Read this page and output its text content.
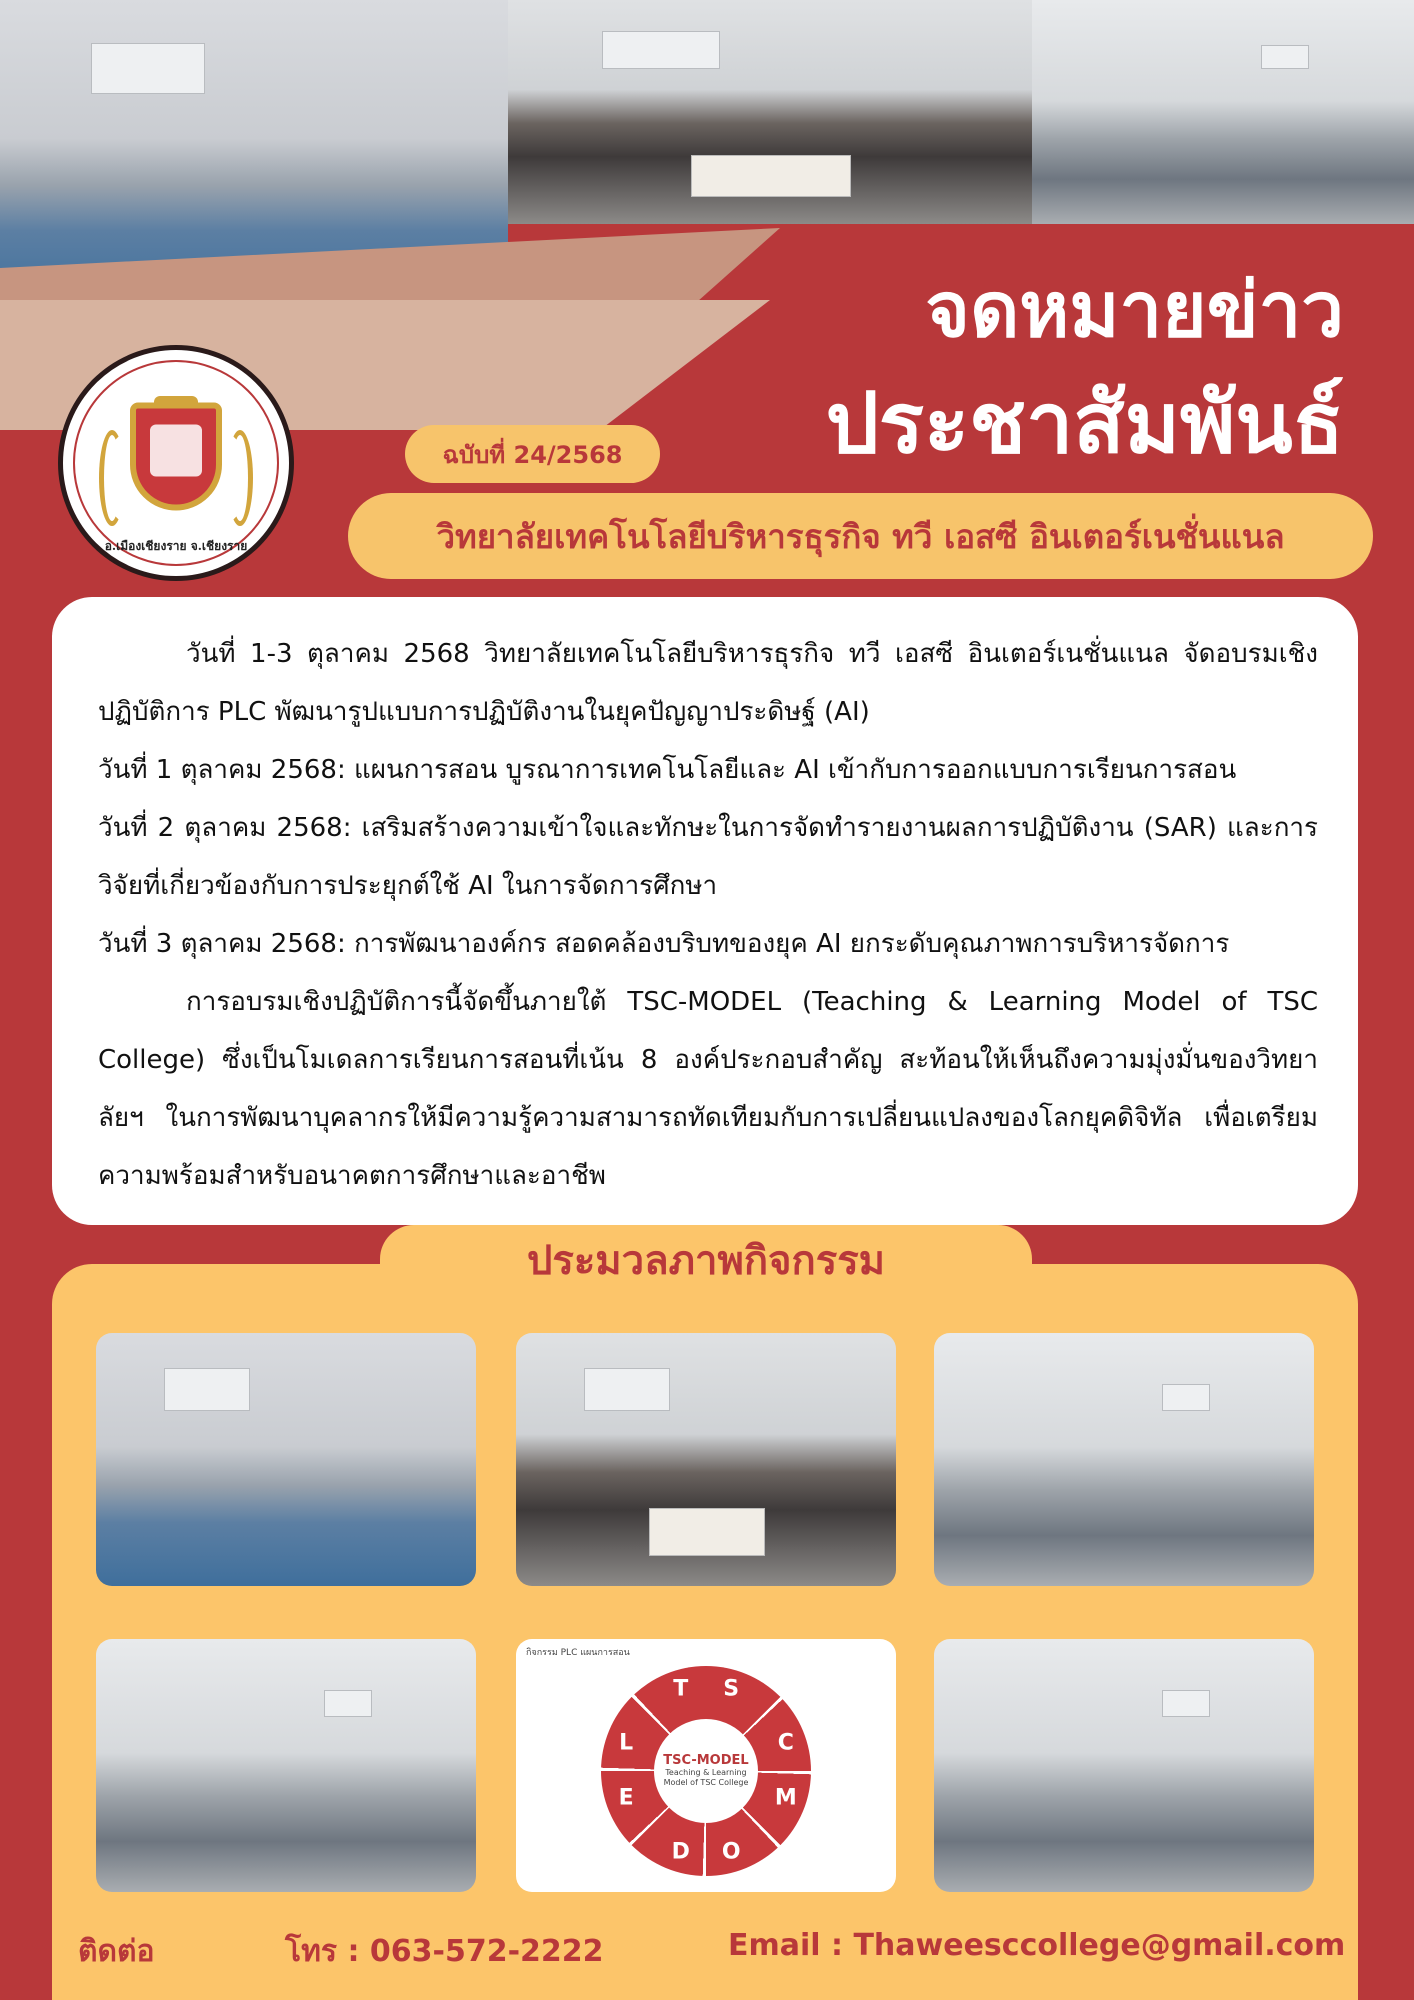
จดหมายข่าว
ประชาสัมพันธ์
อ.เมืองเชียงราย จ.เชียงราย
ฉบับที่ 24/2568
วิทยาลัยเทคโนโลยีบริหารธุรกิจ ทวี เอสซี อินเตอร์เนชั่นแนล

วันที่ 1-3 ตุลาคม 2568 วิทยาลัยเทคโนโลยีบริหารธุรกิจ ทวี เอสซี อินเตอร์เนชั่นแนล จัดอบรมเชิงปฏิบัติการ PLC พัฒนารูปแบบการปฏิบัติงานในยุคปัญญาประดิษฐ์ (AI)

วันที่ 1 ตุลาคม 2568: แผนการสอน บูรณาการเทคโนโลยีและ AI เข้ากับการออกแบบการเรียนการสอน

วันที่ 2 ตุลาคม 2568: เสริมสร้างความเข้าใจและทักษะในการจัดทำรายงานผลการปฏิบัติงาน (SAR) และการวิจัยที่เกี่ยวข้องกับการประยุกต์ใช้ AI ในการจัดการศึกษา

วันที่ 3 ตุลาคม 2568: การพัฒนาองค์กร สอดคล้องบริบทของยุค AI ยกระดับคุณภาพการบริหารจัดการ

การอบรมเชิงปฏิบัติการนี้จัดขึ้นภายใต้ TSC-MODEL (Teaching & Learning Model of TSC College) ซึ่งเป็นโมเดลการเรียนการสอนที่เน้น 8 องค์ประกอบสำคัญ สะท้อนให้เห็นถึงความมุ่งมั่นของวิทยาลัยฯ ในการพัฒนาบุคลากรให้มีความรู้ความสามารถทัดเทียมกับการเปลี่ยนแปลงของโลกยุคดิจิทัล เพื่อเตรียมความพร้อมสำหรับอนาคตการศึกษาและอาชีพ

กิจกรรม PLC แผนการสอน
T S
C
M
O
D
E
L
TSC-MODEL
Teaching & Learning Model of TSC College
ประมวลภาพกิจกรรม
ติดต่อ	โทร : 063-572-2222	Email : Thaweesccollege@gmail.com
